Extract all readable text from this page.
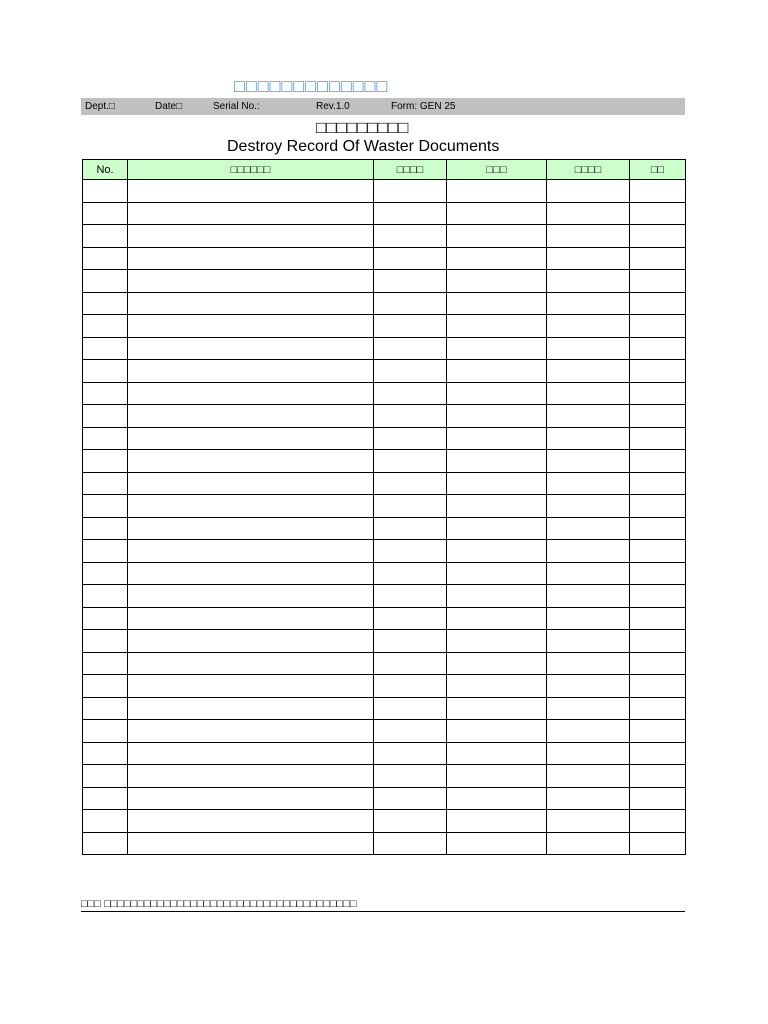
□□□□□□□□□□□□□
Dept.□	Date□	Serial No.:	Rev.1.0	Form: GEN 25
□□□□□□□□□
Destroy Record Of Waster Documents
No.	□□□□□□	□□□□	□□□	□□□□	□□

□□□ □□□□□□□□□□□□□□□□□□□□□□□□□□□□□□□□□□□□□□
